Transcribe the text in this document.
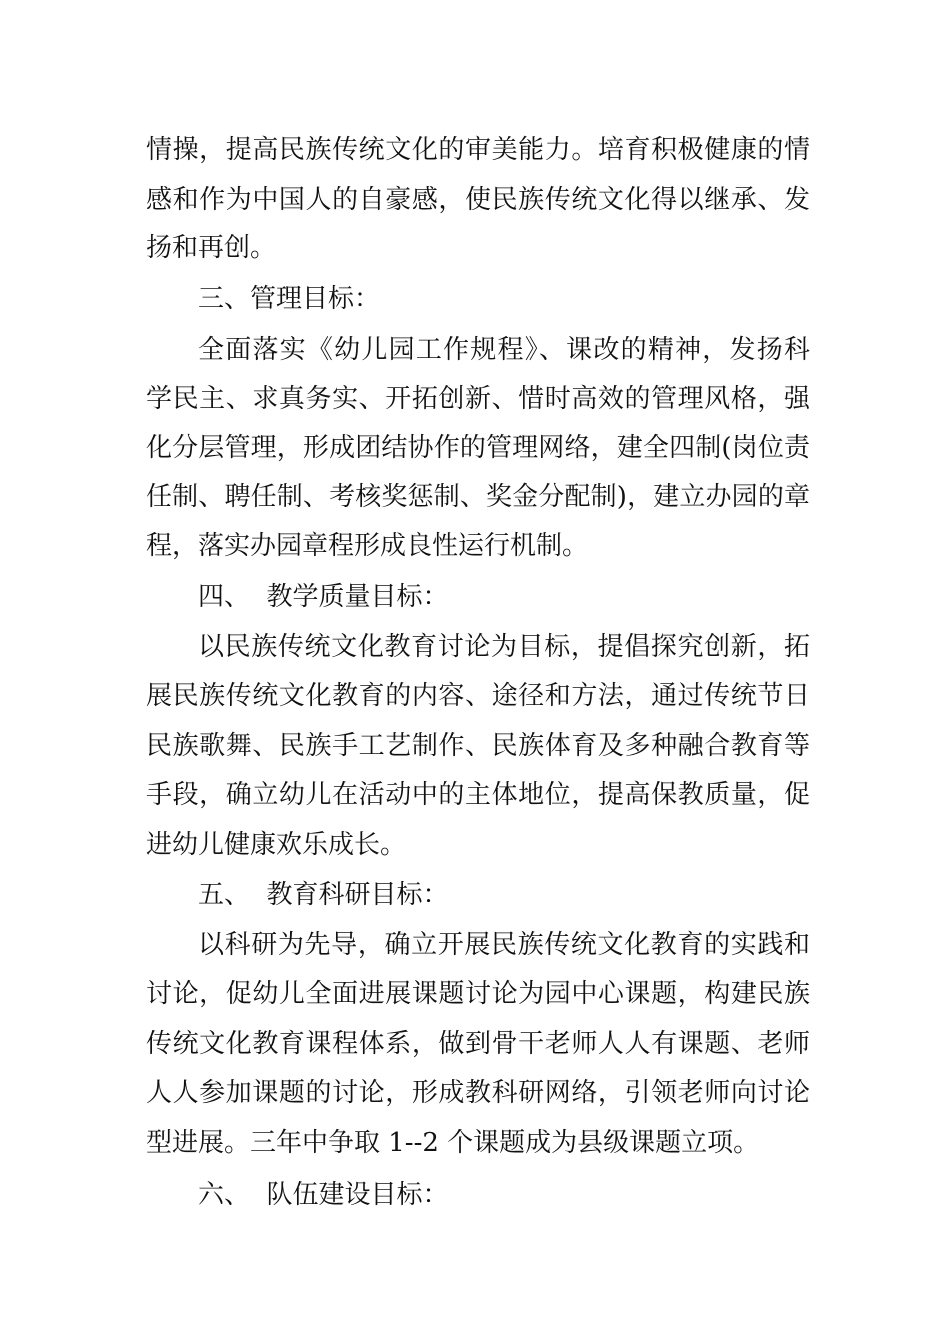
情操，提高民族传统文化的审美能力。培育积极健康的情
感和作为中国人的自豪感，使民族传统文化得以继承、发
扬和再创。
三、管理目标：
全面落实《幼儿园工作规程》、课改的精神，发扬科
学民主、求真务实、开拓创新、惜时高效的管理风格，强
化分层管理，形成团结协作的管理网络，建全四制(岗位责
任制、聘任制、考核奖惩制、奖金分配制)，建立办园的章
程，落实办园章程形成良性运行机制。
四、  教学质量目标：
以民族传统文化教育讨论为目标，提倡探究创新，拓
展民族传统文化教育的内容、途径和方法，通过传统节日
民族歌舞、民族手工艺制作、民族体育及多种融合教育等
手段，确立幼儿在活动中的主体地位，提高保教质量，促
进幼儿健康欢乐成长。
五、  教育科研目标：
以科研为先导，确立开展民族传统文化教育的实践和
讨论，促幼儿全面进展课题讨论为园中心课题，构建民族
传统文化教育课程体系，做到骨干老师人人有课题、老师
人人参加课题的讨论，形成教科研网络，引领老师向讨论
型进展。三年中争取 1--2 个课题成为县级课题立项。
六、  队伍建设目标：
